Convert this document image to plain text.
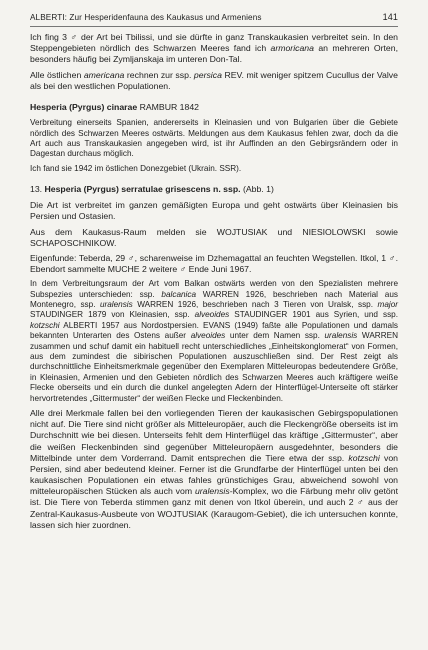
ALBERTI: Zur Hesperidenfauna des Kaukasus und Armeniens	141

Ich fing 3 ♂ der Art bei Tbilissi, und sie dürfte in ganz Transkaukasien verbreitet sein. In den Steppengebieten nördlich des Schwarzen Meeres fand ich armoricana an mehreren Orten, besonders häufig bei Zymljanskaja im unteren Don-Tal.

Alle östlichen americana rechnen zur ssp. persica REV. mit weniger spitzem Cucullus der Valve als bei den westlichen Populationen.

Hesperia (Pyrgus) cinarae RAMBUR 1842

Verbreitung einerseits Spanien, andererseits in Kleinasien und von Bulgarien über die Gebiete nördlich des Schwarzen Meeres ostwärts. Meldungen aus dem Kaukasus fehlen zwar, doch da die Art auch aus Transkaukasien angegeben wird, ist ihr Auffinden an den Gebirgsrändern oder in Dagestan durchaus möglich.

Ich fand sie 1942 im östlichen Donezgebiet (Ukrain. SSR).

13. Hesperia (Pyrgus) serratulae grisescens n. ssp. (Abb. 1)

Die Art ist verbreitet im ganzen gemäßigten Europa und geht ostwärts über Kleinasien bis Persien und Ostasien.

Aus dem Kaukasus-Raum melden sie WOJTUSIAK und NIESIOLOWSKI sowie SCHAPOSCHNIKOW.

Eigenfunde: Teberda, 29 ♂, scharenweise im Dzhemagattal an feuchten Wegstellen. Itkol, 1 ♂. Ebendort sammelte MUCHE 2 weitere ♂ Ende Juni 1967.

In dem Verbreitungsraum der Art vom Balkan ostwärts werden von den Spezialisten mehrere Subspezies unterschieden: ssp. balcanica WARREN 1926, beschrieben nach Material aus Montenegro, ssp. uralensis WARREN 1926, beschrieben nach 3 Tieren von Uralsk, ssp. major STAUDINGER 1879 von Kleinasien, ssp. alveoides STAUDINGER 1901 aus Syrien, und ssp. kotzschi ALBERTI 1957 aus Nordostpersien. EVANS (1949) faßte alle Populationen und damals bekannten Unterarten des Ostens außer alveoides unter dem Namen ssp. uralensis WARREN zusammen und schuf damit ein habituell recht unterschiedliches „Einheitskonglomerat“ von Formen, aus dem zumindest die sibirischen Populationen auszuschließen sind. Der Rest zeigt als durchschnittliche Einheitsmerkmale gegenüber den Exemplaren Mitteleuropas bedeutendere Größe, in Kleinasien, Armenien und den Gebieten nördlich des Schwarzen Meeres auch kräftigere weiße Flecke oberseits und ein durch die dunkel angelegten Adern der Hinterflügel-Unterseite oft stärker hervortretendes „Gittermuster“ der weißen Flecke und Fleckenbinden.

Alle drei Merkmale fallen bei den vorliegenden Tieren der kaukasischen Gebirgspopulationen nicht auf. Die Tiere sind nicht größer als Mitteleuropäer, auch die Fleckengröße oberseits ist im Durchschnitt wie bei diesen. Unterseits fehlt dem Hinterflügel das kräftige „Gittermuster“, aber die weißen Fleckenbinden sind gegenüber Mitteleuropäern ausgedehnter, besonders die Mittelbinde unter dem Vorderrand. Damit entsprechen die Tiere etwa der ssp. kotzschi von Persien, sind aber bedeutend kleiner. Ferner ist die Grundfarbe der Hinterflügel unten bei den kaukasischen Populationen ein etwas fahles grünstichiges Grau, abweichend sowohl von mitteleuropäischen Stücken als auch vom uralensis-Komplex, wo die Färbung mehr oliv getönt ist. Die Tiere von Teberda stimmen ganz mit denen von Itkol überein, und auch 2 ♂ aus der Zentral-Kaukasus-Ausbeute von WOJTUSIAK (Karaugom-Gebiet), die ich untersuchen konnte, lassen sich hier zuordnen.
